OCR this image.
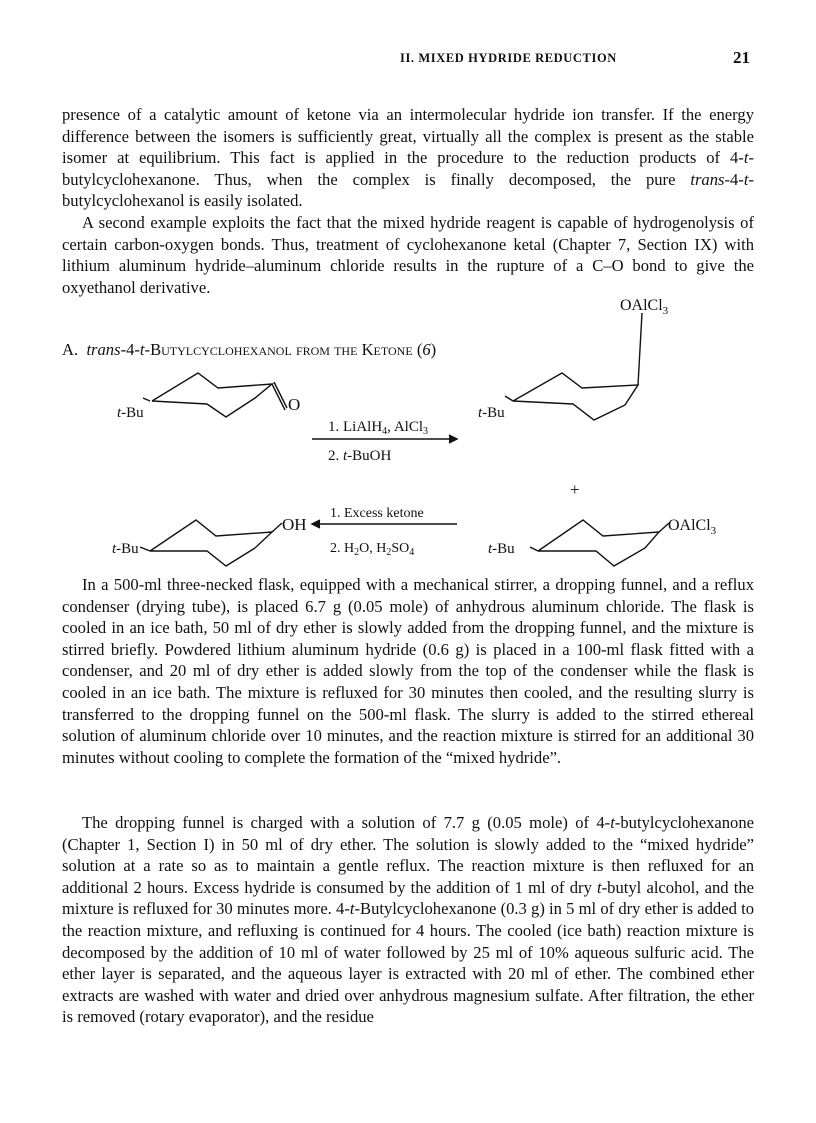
II. MIXED HYDRIDE REDUCTION	21

presence of a catalytic amount of ketone via an intermolecular hydride ion transfer. If the energy difference between the isomers is sufficiently great, virtually all the complex is present as the stable isomer at equilibrium. This fact is applied in the procedure to the reduction products of 4-t-butylcyclohexanone. Thus, when the complex is finally decomposed, the pure trans-4-t-butylcyclohexanol is easily isolated.

A second example exploits the fact that the mixed hydride reagent is capable of hydrogenolysis of certain carbon-oxygen bonds. Thus, treatment of cyclohexanone ketal (Chapter 7, Section IX) with lithium aluminum hydride–aluminum chloride results in the rupture of a C–O bond to give the oxyethanol derivative.

A. trans-4-t-Butylcyclohexanol from the Ketone (6)
t-Bu	O
1. LiAlH$_4$, AlCl$_3$
2. t-BuOH
t-Bu
OAlCl$_3$
+
t-Bu
OH
1. Excess ketone
2. $H_2O$, $H_2SO_4$	t-Bu
OAlCl$_3$

In a 500-ml three-necked flask, equipped with a mechanical stirrer, a dropping funnel, and a reflux condenser (drying tube), is placed 6.7 g (0.05 mole) of anhydrous aluminum chloride. The flask is cooled in an ice bath, 50 ml of dry ether is slowly added from the dropping funnel, and the mixture is stirred briefly. Powdered lithium aluminum hydride (0.6 g) is placed in a 100-ml flask fitted with a condenser, and 20 ml of dry ether is added slowly from the top of the condenser while the flask is cooled in an ice bath. The mixture is refluxed for 30 minutes then cooled, and the resulting slurry is transferred to the dropping funnel on the 500-ml flask. The slurry is added to the stirred ethereal solution of aluminum chloride over 10 minutes, and the reaction mixture is stirred for an additional 30 minutes without cooling to complete the formation of the “mixed hydride”.

The dropping funnel is charged with a solution of 7.7 g (0.05 mole) of 4-t-butylcyclohexanone (Chapter 1, Section I) in 50 ml of dry ether. The solution is slowly added to the “mixed hydride” solution at a rate so as to maintain a gentle reflux. The reaction mixture is then refluxed for an additional 2 hours. Excess hydride is consumed by the addition of 1 ml of dry t-butyl alcohol, and the mixture is refluxed for 30 minutes more. 4-t-Butylcyclohexanone (0.3 g) in 5 ml of dry ether is added to the reaction mixture, and refluxing is continued for 4 hours. The cooled (ice bath) reaction mixture is decomposed by the addition of 10 ml of water followed by 25 ml of 10% aqueous sulfuric acid. The ether layer is separated, and the aqueous layer is extracted with 20 ml of ether. The combined ether extracts are washed with water and dried over anhydrous magnesium sulfate. After filtration, the ether is removed (rotary evaporator), and the residue
